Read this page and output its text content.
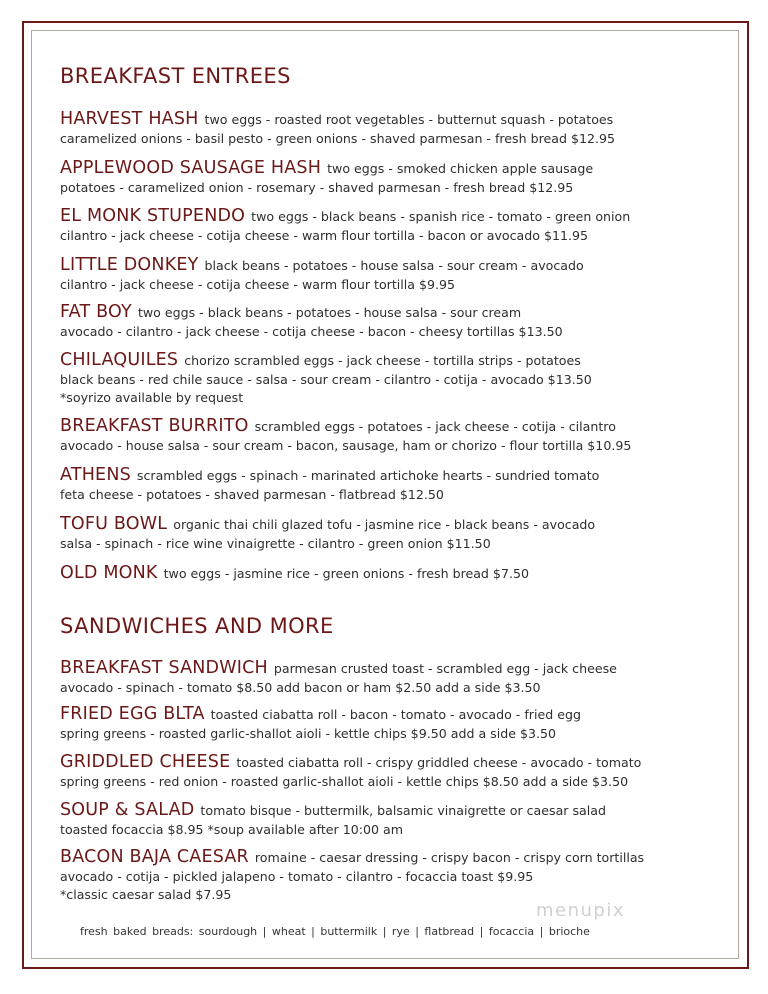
BREAKFAST ENTREES
HARVEST HASH two eggs - roasted root vegetables - butternut squash - potatoes
caramelized onions - basil pesto - green onions - shaved parmesan - fresh bread $12.95
APPLEWOOD SAUSAGE HASH two eggs - smoked chicken apple sausage
potatoes - caramelized onion - rosemary - shaved parmesan - fresh bread $12.95
EL MONK STUPENDO two eggs - black beans - spanish rice - tomato - green onion
cilantro - jack cheese - cotija cheese - warm flour tortilla - bacon or avocado $11.95
LITTLE DONKEY black beans - potatoes - house salsa - sour cream - avocado
cilantro - jack cheese - cotija cheese - warm flour tortilla $9.95
FAT BOY two eggs - black beans - potatoes - house salsa - sour cream
avocado - cilantro - jack cheese - cotija cheese - bacon - cheesy tortillas $13.50
CHILAQUILES chorizo scrambled eggs - jack cheese - tortilla strips - potatoes
black beans - red chile sauce - salsa - sour cream - cilantro - cotija - avocado $13.50
*soyrizo available by request
BREAKFAST BURRITO scrambled eggs - potatoes - jack cheese - cotija - cilantro
avocado - house salsa - sour cream - bacon, sausage, ham or chorizo - flour tortilla $10.95
ATHENS scrambled eggs - spinach - marinated artichoke hearts - sundried tomato
feta cheese - potatoes - shaved parmesan - flatbread $12.50
TOFU BOWL organic thai chili glazed tofu - jasmine rice - black beans - avocado
salsa - spinach - rice wine vinaigrette - cilantro - green onion $11.50
OLD MONK two eggs - jasmine rice - green onions - fresh bread $7.50
SANDWICHES AND MORE
BREAKFAST SANDWICH parmesan crusted toast - scrambled egg - jack cheese
avocado - spinach - tomato $8.50 add bacon or ham $2.50 add a side $3.50
FRIED EGG BLTA toasted ciabatta roll - bacon - tomato - avocado - fried egg
spring greens - roasted garlic-shallot aioli - kettle chips $9.50 add a side $3.50
GRIDDLED CHEESE toasted ciabatta roll - crispy griddled cheese - avocado - tomato
spring greens - red onion - roasted garlic-shallot aioli - kettle chips $8.50 add a side $3.50
SOUP & SALAD tomato bisque - buttermilk, balsamic vinaigrette or caesar salad
toasted focaccia $8.95 *soup available after 10:00 am
BACON BAJA CAESAR romaine - caesar dressing - crispy bacon - crispy corn tortillas
avocado - cotija - pickled jalapeno - tomato - cilantro - focaccia toast $9.95
*classic caesar salad $7.95
menupix
fresh baked breads: sourdough | wheat | buttermilk | rye | flatbread | focaccia | brioche
